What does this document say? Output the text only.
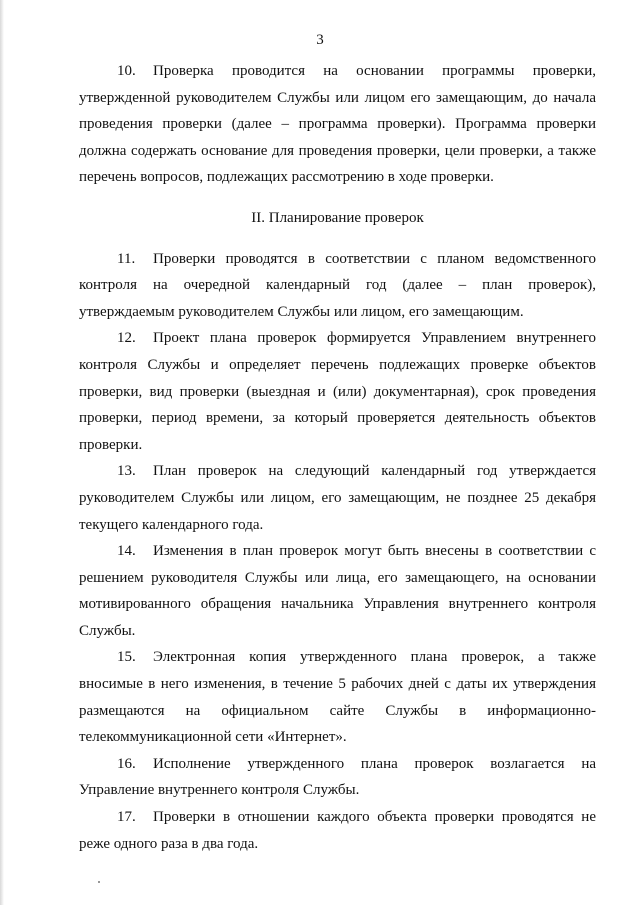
3

10. Проверка проводится на основании программы проверки, утвержденной руководителем Службы или лицом его замещающим, до начала проведения проверки (далее – программа проверки). Программа проверки должна содержать основание для проведения проверки, цели проверки, а также перечень вопросов, подлежащих рассмотрению в ходе проверки.

II. Планирование проверок

11. Проверки проводятся в соответствии с планом ведомственного контроля на очередной календарный год (далее – план проверок), утверждаемым руководителем Службы или лицом, его замещающим.

12. Проект плана проверок формируется Управлением внутреннего контроля Службы и определяет перечень подлежащих проверке объектов проверки, вид проверки (выездная и (или) документарная), срок проведения проверки, период времени, за который проверяется деятельность объектов проверки.

13. План проверок на следующий календарный год утверждается руководителем Службы или лицом, его замещающим, не позднее 25 декабря текущего календарного года.

14. Изменения в план проверок могут быть внесены в соответствии с решением руководителя Службы или лица, его замещающего, на основании мотивированного обращения начальника Управления внутреннего контроля Службы.

15. Электронная копия утвержденного плана проверок, а также вносимые в него изменения, в течение 5 рабочих дней с даты их утверждения размещаются на официальном сайте Службы в информационно-телекоммуникационной сети «Интернет».

16. Исполнение утвержденного плана проверок возлагается на Управление внутреннего контроля Службы.

17. Проверки в отношении каждого объекта проверки проводятся не реже одного раза в два года.
